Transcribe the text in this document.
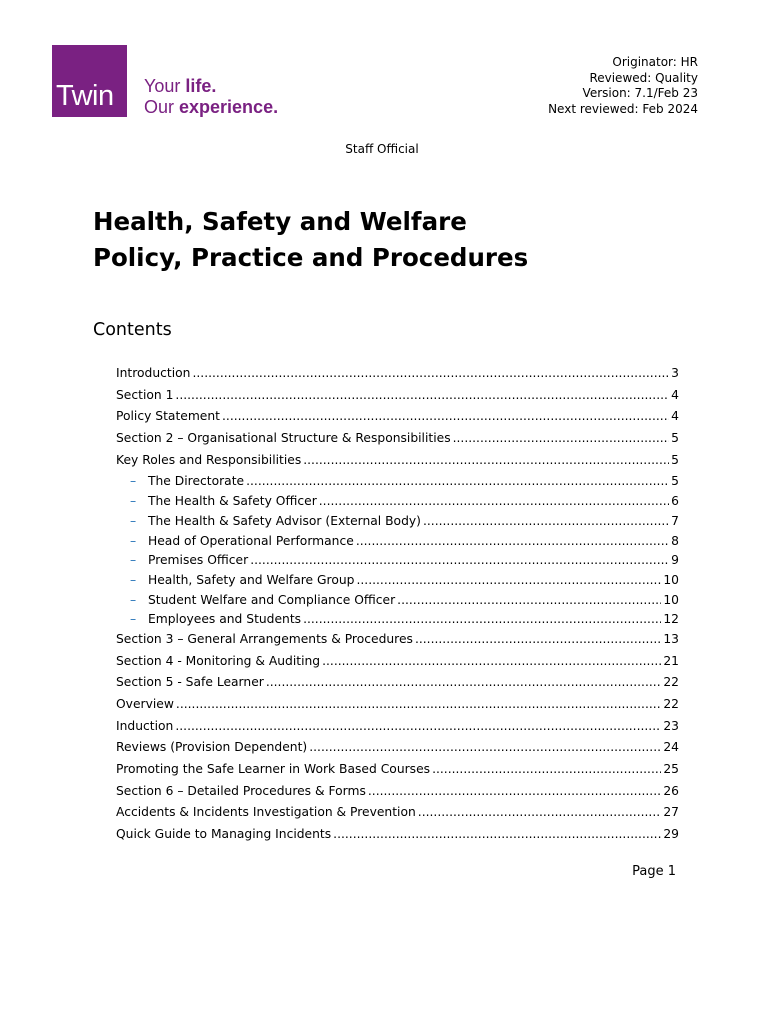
Twin Your life.
Our experience.
Originator: HR
Reviewed: Quality
Version: 7.1/Feb 23
Next reviewed: Feb 2024
Staff Official
Health, Safety and Welfare
Policy, Practice and Procedures
Contents
Introduction .....	3
Section 1 .....	4
Policy Statement .....	4
Section 2 – Organisational Structure & Responsibilities .....	5
Key Roles and Responsibilities .....	5
– The Directorate .....	5
– The Health & Safety Officer .....	6
– The Health & Safety Advisor (External Body) .....	7
– Head of Operational Performance .....	8
– Premises Officer .....	9
– Health, Safety and Welfare Group .....	10
– Student Welfare and Compliance Officer .....	10
– Employees and Students .....	12
Section 3 – General Arrangements & Procedures .....	13
Section 4 - Monitoring & Auditing .....	21
Section 5 - Safe Learner .....	22
Overview .....	22
Induction .....	23
Reviews (Provision Dependent) .....	24
Promoting the Safe Learner in Work Based Courses .....	25
Section 6 – Detailed Procedures & Forms .....	26
Accidents & Incidents Investigation & Prevention .....	27
Quick Guide to Managing Incidents .....	29
Page 1
